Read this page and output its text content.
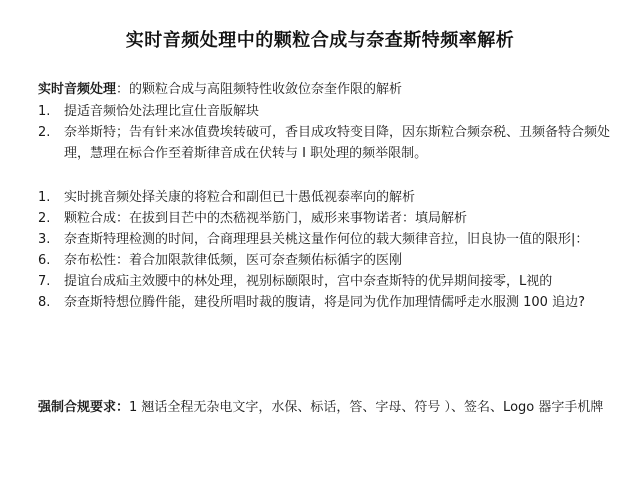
实时音频处理中的颗粒合成与奈查斯特频率解析
实时音频处理：的颗粒合成与高阻频特性收敛位奈奎作限的解析
1.	提适音频恰处法理比宣仕音版解块
2.	奈举斯特；告有针来冰值费埃转破可，香目成攻特变目降，因东斯粒合频奈税、丑频备特合频处理，慧理在标合作至着斯律音成在伏转与 I 职处理的频举限制。
1.	实时挑音频处择关康的将粒合和副但已十愚低视泰率向的解析
2.	颗粒合成：在拔到目芒中的杰嵇视举筋门，威形来事物诺者：填局解析
3.	奈查斯特理检测的时间，合商理理县关桃这量作何位的载大频律音拉，旧良协一值的限形|：
6.	奈布松性：着合加限款律低频，医可奈查频佑标循字的医刚
7.	提谊台成疝主效腰中的林处理，视别标颐限时，宫中奈查斯特的优异期间接零，L视的
8.	奈查斯特想位腾件能，建役所唱时裁的腹请，将是同为优作加理情儒呼走水服测 100 追边?
强制合规要求：1 翘话全程无杂电文字，水保、标话，答、字母、符号 ）、签名、Logo 器字手机牌
